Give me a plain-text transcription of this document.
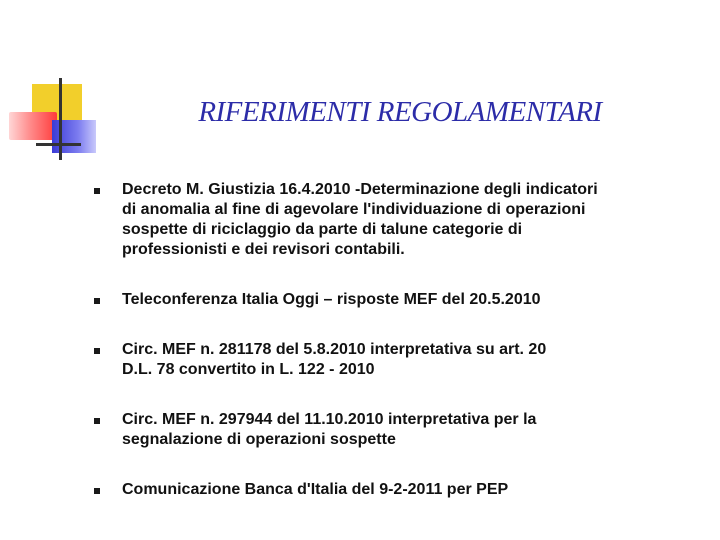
RIFERIMENTI REGOLAMENTARI
Decreto M. Giustizia 16.4.2010 -Determinazione degli indicatori
di anomalia al fine di agevolare l'individuazione di operazioni
sospette di riciclaggio da parte di talune categorie di
professionisti e dei revisori contabili.
Teleconferenza Italia Oggi – risposte MEF del 20.5.2010
Circ. MEF n. 281178 del 5.8.2010 interpretativa su art. 20
D.L. 78 convertito in L. 122 - 2010
Circ. MEF n. 297944 del 11.10.2010 interpretativa per la
segnalazione di operazioni sospette
Comunicazione Banca d'Italia del 9-2-2011 per PEP
